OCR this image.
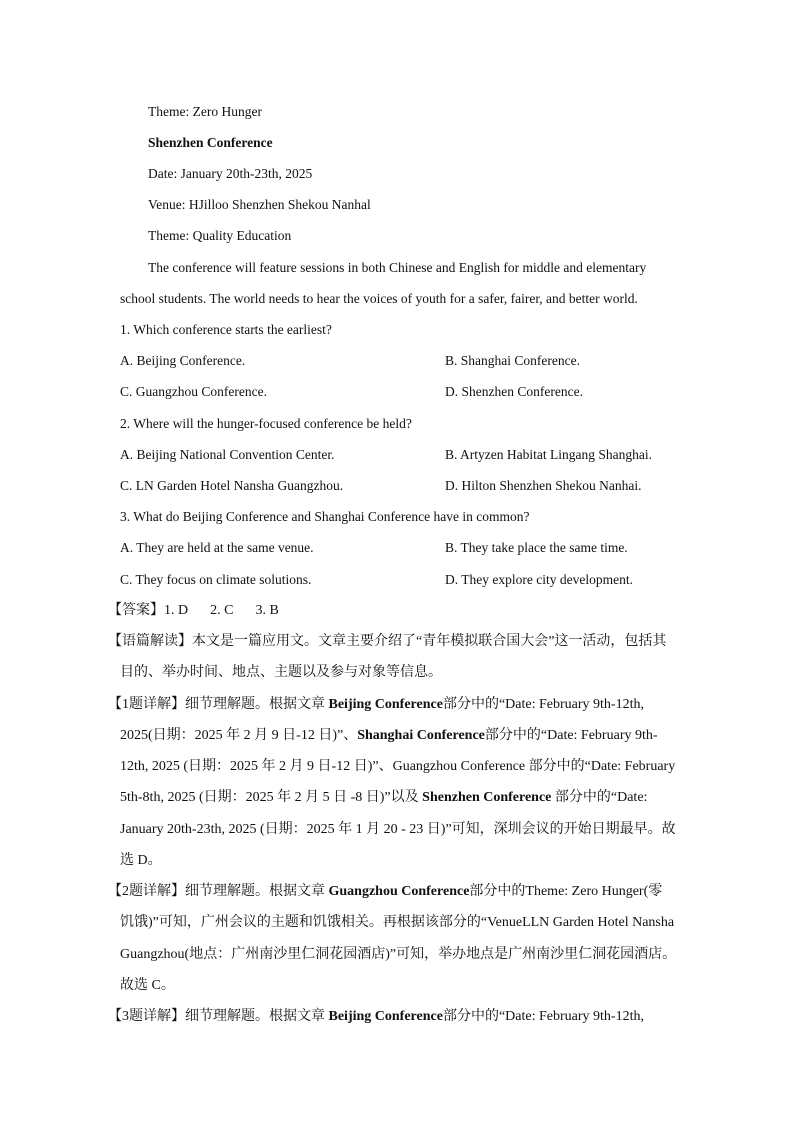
Theme: Zero Hunger
Shenzhen Conference
Date: January 20th-23th, 2025
Venue: HJilloo Shenzhen Shekou Nanhal
Theme: Quality Education
The conference will feature sessions in both Chinese and English for middle and elementary
school students. The world needs to hear the voices of youth for a safer, fairer, and better world.
1. Which conference starts the earliest?
A. Beijing Conference.	B. Shanghai Conference.
C. Guangzhou Conference.	D. Shenzhen Conference.
2. Where will the hunger-focused conference be held?
A. Beijing National Convention Center.	B. Artyzen Habitat Lingang Shanghai.
C. LN Garden Hotel Nansha Guangzhou.	D. Hilton Shenzhen Shekou Nanhai.
3. What do Beijing Conference and Shanghai Conference have in common?
A. They are held at the same venue.	B. They take place the same time.
C. They focus on climate solutions.	D. They explore city development.
【答案】1. D 2. C 3. B
【语篇解读】本文是一篇应用文。文章主要介绍了“青年模拟联合国大会”这一活动，包括其
目的、举办时间、地点、主题以及参与对象等信息。
【1题详解】细节理解题。根据文章 Beijing Conference部分中的“Date: February 9th-12th,
2025(日期：2025 年 2 月 9 日-12 日)”、Shanghai Conference部分中的“Date: February 9th-
12th, 2025 (日期：2025 年 2 月 9 日-12 日)”、Guangzhou Conference 部分中的“Date: February
5th-8th, 2025 (日期：2025 年 2 月 5 日 -8 日)”以及 Shenzhen Conference 部分中的“Date:
January 20th-23th, 2025 (日期：2025 年 1 月 20 - 23 日)”可知，深圳会议的开始日期最早。故
选 D。
【2题详解】细节理解题。根据文章 Guangzhou Conference部分中的Theme: Zero Hunger(零
饥饿)”可知，广州会议的主题和饥饿相关。再根据该部分的“VenueLLN Garden Hotel Nansha
Guangzhou(地点：广州南沙里仁洞花园酒店)”可知，举办地点是广州南沙里仁洞花园酒店。
故选 C。
【3题详解】细节理解题。根据文章 Beijing Conference部分中的“Date: February 9th-12th,
